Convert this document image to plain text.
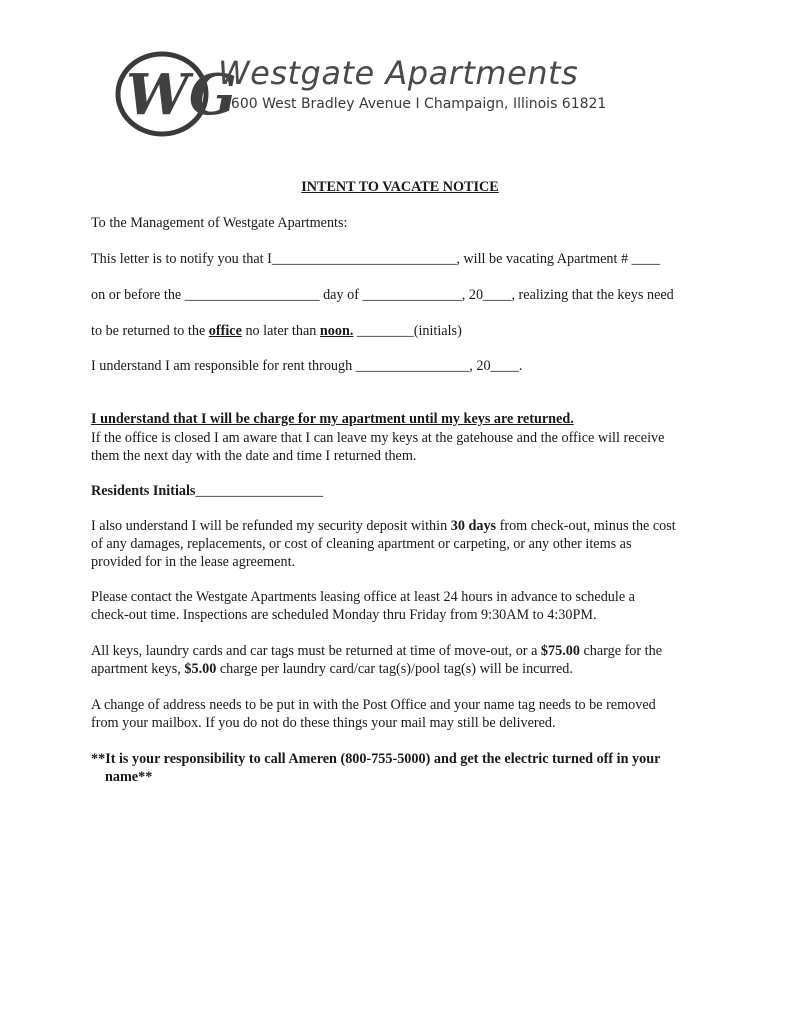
WG
Westgate Apartments
1600 West Bradley Avenue I Champaign, Illinois 61821
INTENT TO VACATE NOTICE
To the Management of Westgate Apartments:
This letter is to notify you that I__________________________, will be vacating Apartment # ____
on or before the ___________________ day of ______________, 20____, realizing that the keys need
to be returned to the office no later than noon. ________(initials)
I understand I am responsible for rent through ________________, 20____.
I understand that I will be charge for my apartment until my keys are returned.
If the office is closed I am aware that I can leave my keys at the gatehouse and the office will receive
them the next day with the date and time I returned them.
Residents Initials__________________
I also understand I will be refunded my security deposit within 30 days from check-out, minus the cost
of any damages, replacements, or cost of cleaning apartment or carpeting, or any other items as
provided for in the lease agreement.
Please contact the Westgate Apartments leasing office at least 24 hours in advance to schedule a
check-out time. Inspections are scheduled Monday thru Friday from 9:30AM to 4:30PM.
All keys, laundry cards and car tags must be returned at time of move-out, or a $75.00 charge for the
apartment keys, $5.00 charge per laundry card/car tag(s)/pool tag(s) will be incurred.
A change of address needs to be put in with the Post Office and your name tag needs to be removed
from your mailbox. If you do not do these things your mail may still be delivered.
**It is your responsibility to call Ameren (800-755-5000) and get the electric turned off in your
name**
